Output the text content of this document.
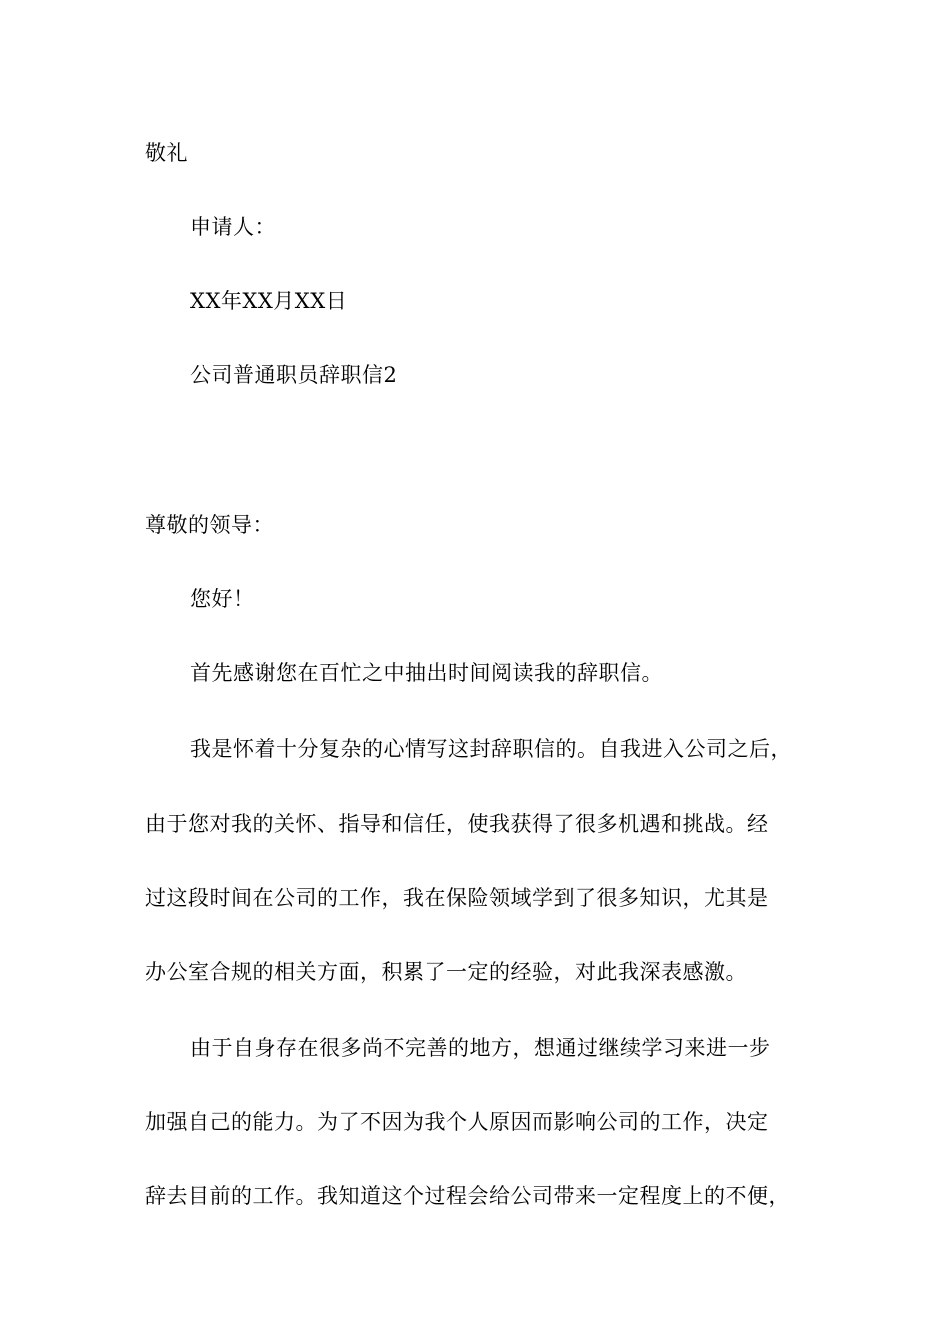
敬礼
申请人：
XX年XX月XX日
公司普通职员辞职信2
尊敬的领导：
您好！
首先感谢您在百忙之中抽出时间阅读我的辞职信。
我是怀着十分复杂的心情写这封辞职信的。自我进入公司之后，
由于您对我的关怀、指导和信任，使我获得了很多机遇和挑战。经
过这段时间在公司的工作，我在保险领域学到了很多知识，尤其是
办公室合规的相关方面，积累了一定的经验，对此我深表感激。
由于自身存在很多尚不完善的地方，想通过继续学习来进一步
加强自己的能力。为了不因为我个人原因而影响公司的工作，决定
辞去目前的工作。我知道这个过程会给公司带来一定程度上的不便，
